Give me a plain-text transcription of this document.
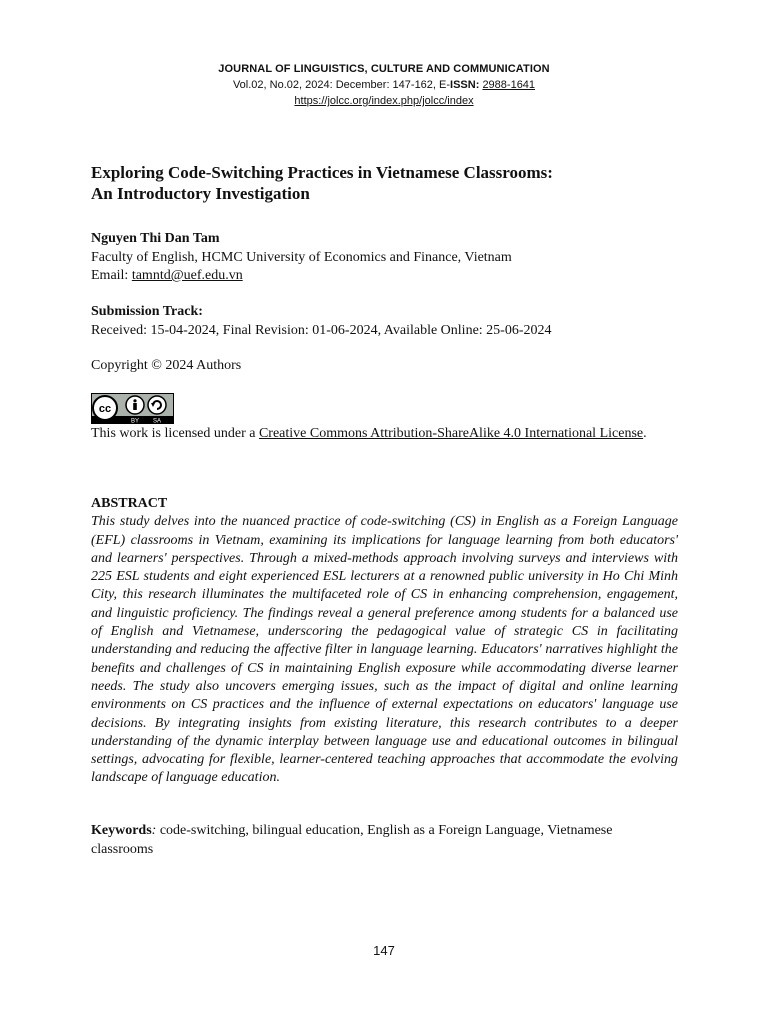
JOURNAL OF LINGUISTICS, CULTURE AND COMMUNICATION
Vol.02, No.02, 2024: December: 147-162, E-ISSN: 2988-1641
https://jolcc.org/index.php/jolcc/index
Exploring Code-Switching Practices in Vietnamese Classrooms:
An Introductory Investigation
Nguyen Thi Dan Tam
Faculty of English, HCMC University of Economics and Finance, Vietnam
Email: tamntd@uef.edu.vn
Submission Track:
Received: 15-04-2024, Final Revision: 01-06-2024, Available Online: 25-06-2024
Copyright © 2024 Authors
cc
BY SA
This work is licensed under a Creative Commons Attribution-ShareAlike 4.0 International License.
ABSTRACT

This study delves into the nuanced practice of code-switching (CS) in English as a Foreign Language (EFL) classrooms in Vietnam, examining its implications for language learning from both educators' and learners' perspectives. Through a mixed-methods approach involving surveys and interviews with 225 ESL students and eight experienced ESL lecturers at a renowned public university in Ho Chi Minh City, this research illuminates the multifaceted role of CS in enhancing comprehension, engagement, and linguistic proficiency. The findings reveal a general preference among students for a balanced use of English and Vietnamese, underscoring the pedagogical value of strategic CS in facilitating understanding and reducing the affective filter in language learning. Educators' narratives highlight the benefits and challenges of CS in maintaining English exposure while accommodating diverse learner needs. The study also uncovers emerging issues, such as the impact of digital and online learning environments on CS practices and the influence of external expectations on educators' language use decisions. By integrating insights from existing literature, this research contributes to a deeper understanding of the dynamic interplay between language use and educational outcomes in bilingual settings, advocating for flexible, learner-centered teaching approaches that accommodate the evolving landscape of language education.

Keywords: code-switching, bilingual education, English as a Foreign Language, Vietnamese classrooms
147
